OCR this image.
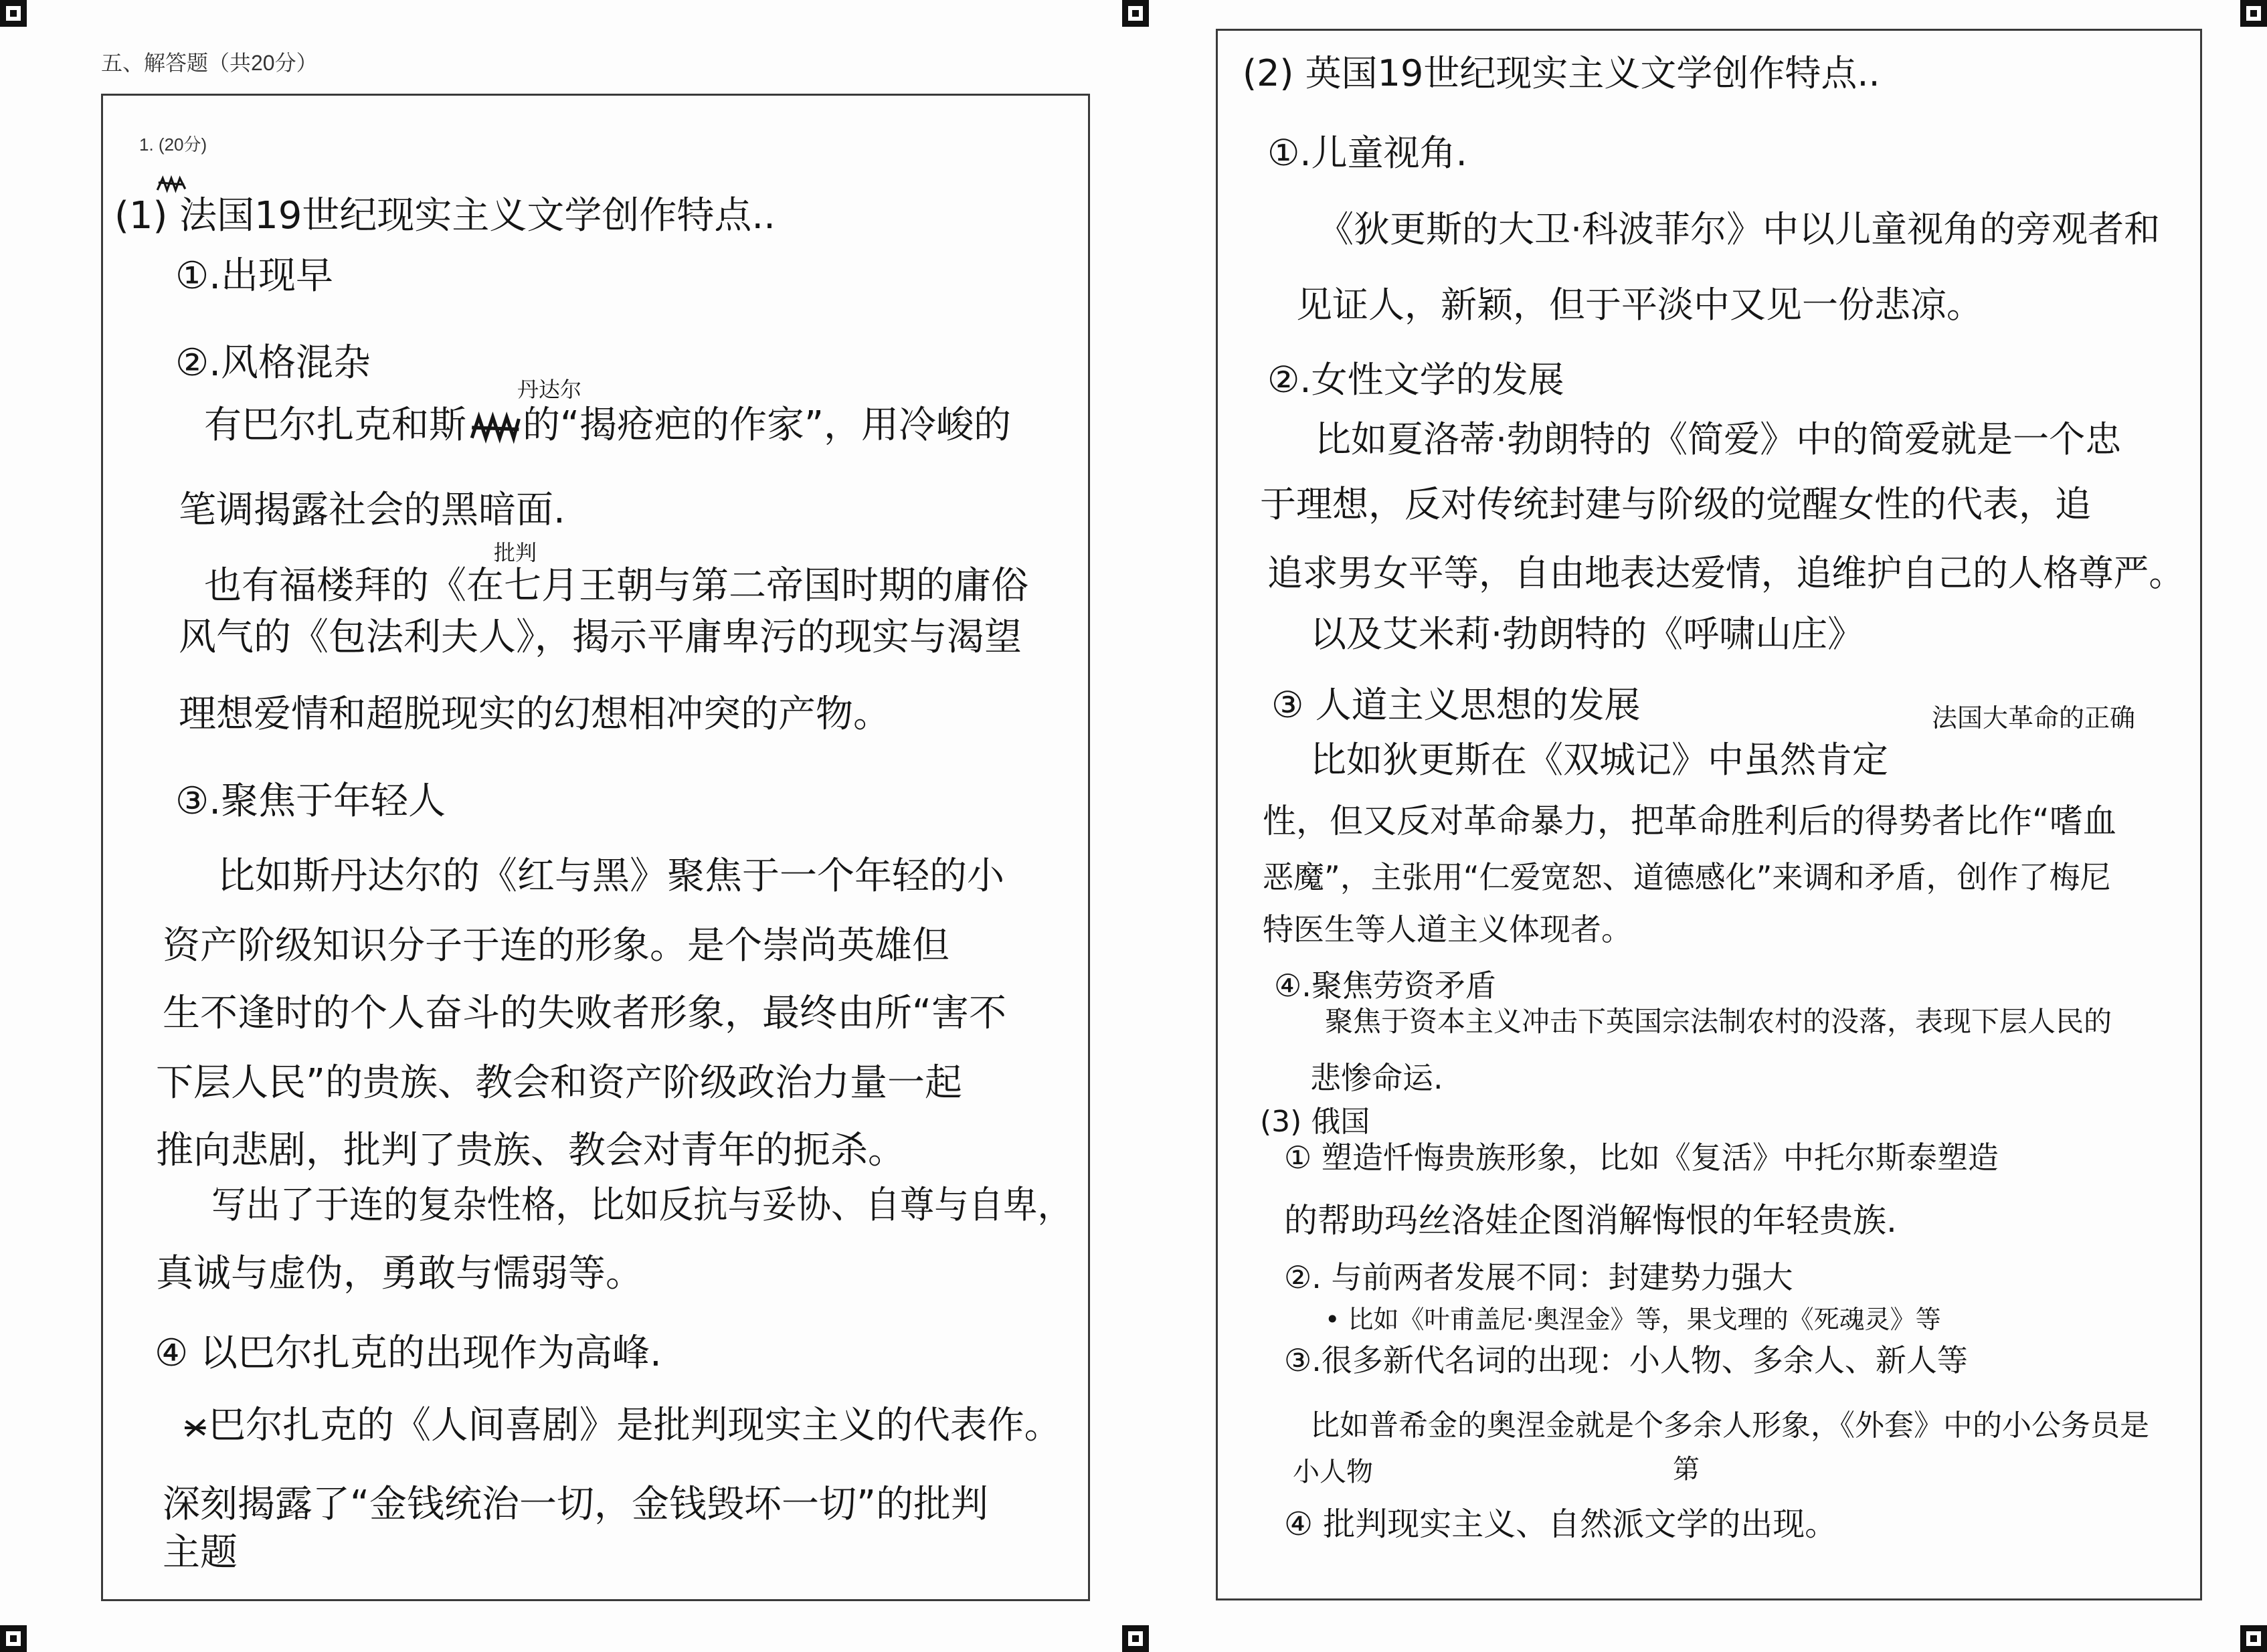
五、解答题（共20分）
1. (20分)
(1) 法国19世纪现实主义文学创作特点..
①.出现早
②.风格混杂
丹达尔
有巴尔扎克和斯 的“揭疮疤的作家”，用冷峻的
笔调揭露社会的黑暗面.
批判
也有福楼拜的《在七月王朝与第二帝国时期的庸俗
风气的《包法利夫人》，揭示平庸卑污的现实与渴望
理想爱情和超脱现实的幻想相冲突的产物。
③.聚焦于年轻人
比如斯丹达尔的《红与黑》聚焦于一个年轻的小
资产阶级知识分子于连的形象。是个崇尚英雄但
生不逢时的个人奋斗的失败者形象，最终由所“害不
下层人民”的贵族、教会和资产阶级政治力量一起
推向悲剧，批判了贵族、教会对青年的扼杀。
写出了于连的复杂性格，比如反抗与妥协、自尊与自卑，
真诚与虚伪，勇敢与懦弱等。
④ 以巴尔扎克的出现作为高峰.
巴尔扎克的《人间喜剧》是批判现实主义的代表作。
深刻揭露了“金钱统治一切，金钱毁坏一切”的批判
主题
(2) 英国19世纪现实主义文学创作特点..
①.儿童视角.
《狄更斯的大卫·科波菲尔》中以儿童视角的旁观者和
见证人，新颖，但于平淡中又见一份悲凉。
②.女性文学的发展
比如夏洛蒂·勃朗特的《简爱》中的简爱就是一个忠
于理想，反对传统封建与阶级的觉醒女性的代表，追
追求男女平等，自由地表达爱情，追维护自己的人格尊严。
以及艾米莉·勃朗特的《呼啸山庄》
③ 人道主义思想的发展	法国大革命的正确
比如狄更斯在《双城记》中虽然肯定
性，但又反对革命暴力，把革命胜利后的得势者比作“嗜血
恶魔”，主张用“仁爱宽恕、道德感化”来调和矛盾，创作了梅尼
特医生等人道主义体现者。
④.聚焦劳资矛盾
聚焦于资本主义冲击下英国宗法制农村的没落，表现下层人民的
悲惨命运.
(3) 俄国
① 塑造忏悔贵族形象，比如《复活》中托尔斯泰塑造
的帮助玛丝洛娃企图消解悔恨的年轻贵族.
②. 与前两者发展不同：封建势力强大
• 比如《叶甫盖尼·奥涅金》等，果戈理的《死魂灵》等
③.很多新代名词的出现：小人物、多余人、新人等
比如普希金的奥涅金就是个多余人形象，《外套》中的小公务员是
小人物	第
④ 批判现实主义、自然派文学的出现。
